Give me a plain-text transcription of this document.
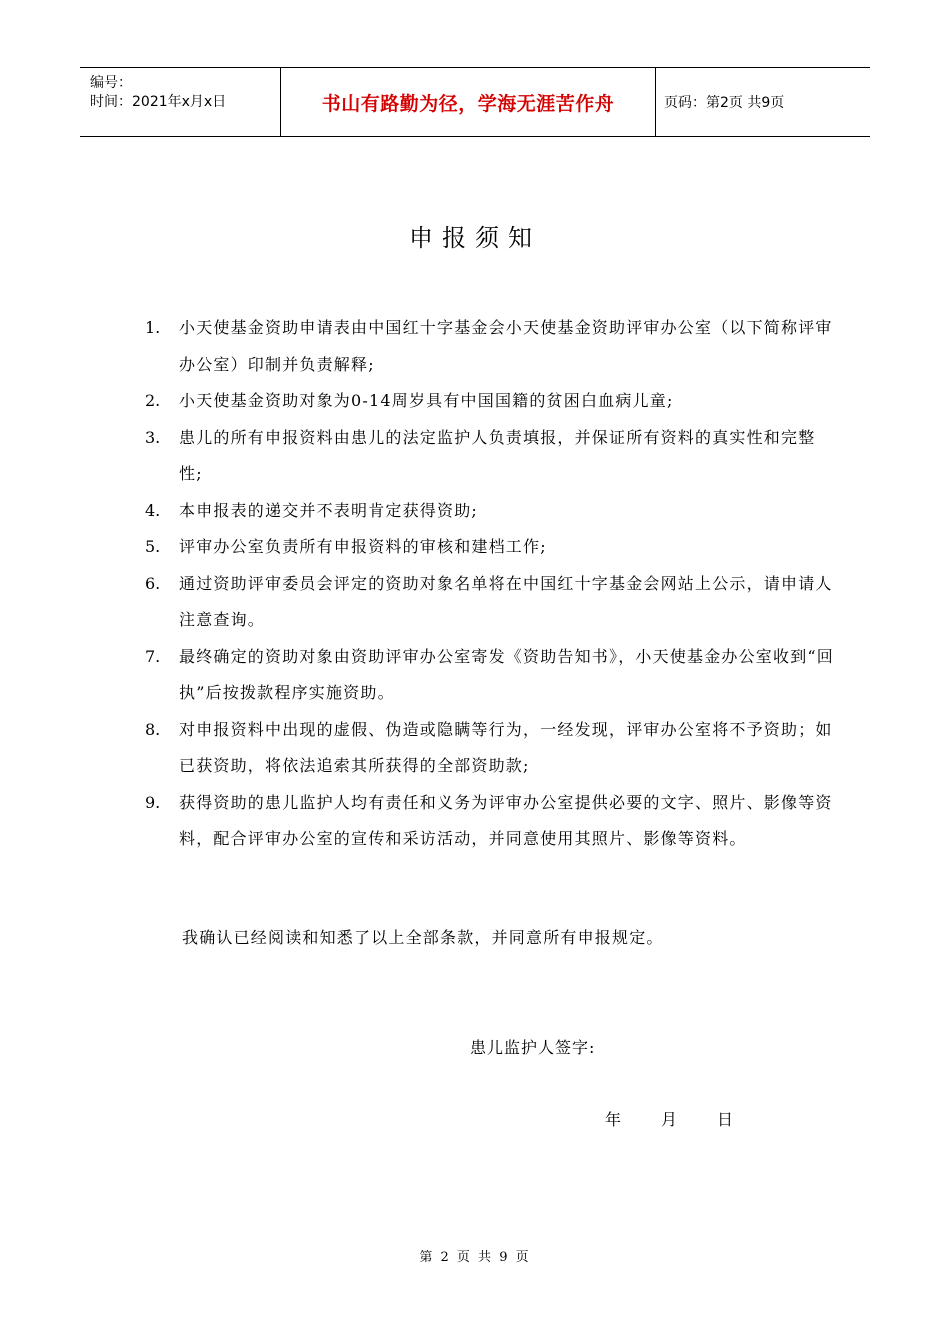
编号：
时间：2021年x月x日	书山有路勤为径，学海无涯苦作舟	页码：第2页 共9页
申报须知
1.	小天使基金资助申请表由中国红十字基金会小天使基金资助评审办公室（以下简称评审办公室）印制并负责解释;
2.	小天使基金资助对象为0-14周岁具有中国国籍的贫困白血病儿童;
3.	患儿的所有申报资料由患儿的法定监护人负责填报，并保证所有资料的真实性和完整性;
4.	本申报表的递交并不表明肯定获得资助;
5.	评审办公室负责所有申报资料的审核和建档工作;
6.	通过资助评审委员会评定的资助对象名单将在中国红十字基金会网站上公示，请申请人注意查询。
7.	最终确定的资助对象由资助评审办公室寄发《资助告知书》，小天使基金办公室收到“回执”后按拨款程序实施资助。
8.	对申报资料中出现的虚假、伪造或隐瞒等行为，一经发现，评审办公室将不予资助；如已获资助，将依法追索其所获得的全部资助款;
9.	获得资助的患儿监护人均有责任和义务为评审办公室提供必要的文字、照片、影像等资料，配合评审办公室的宣传和采访活动，并同意使用其照片、影像等资料。
我确认已经阅读和知悉了以上全部条款，并同意所有申报规定。
患儿监护人签字:
年	月	日
第 2 页 共 9 页
